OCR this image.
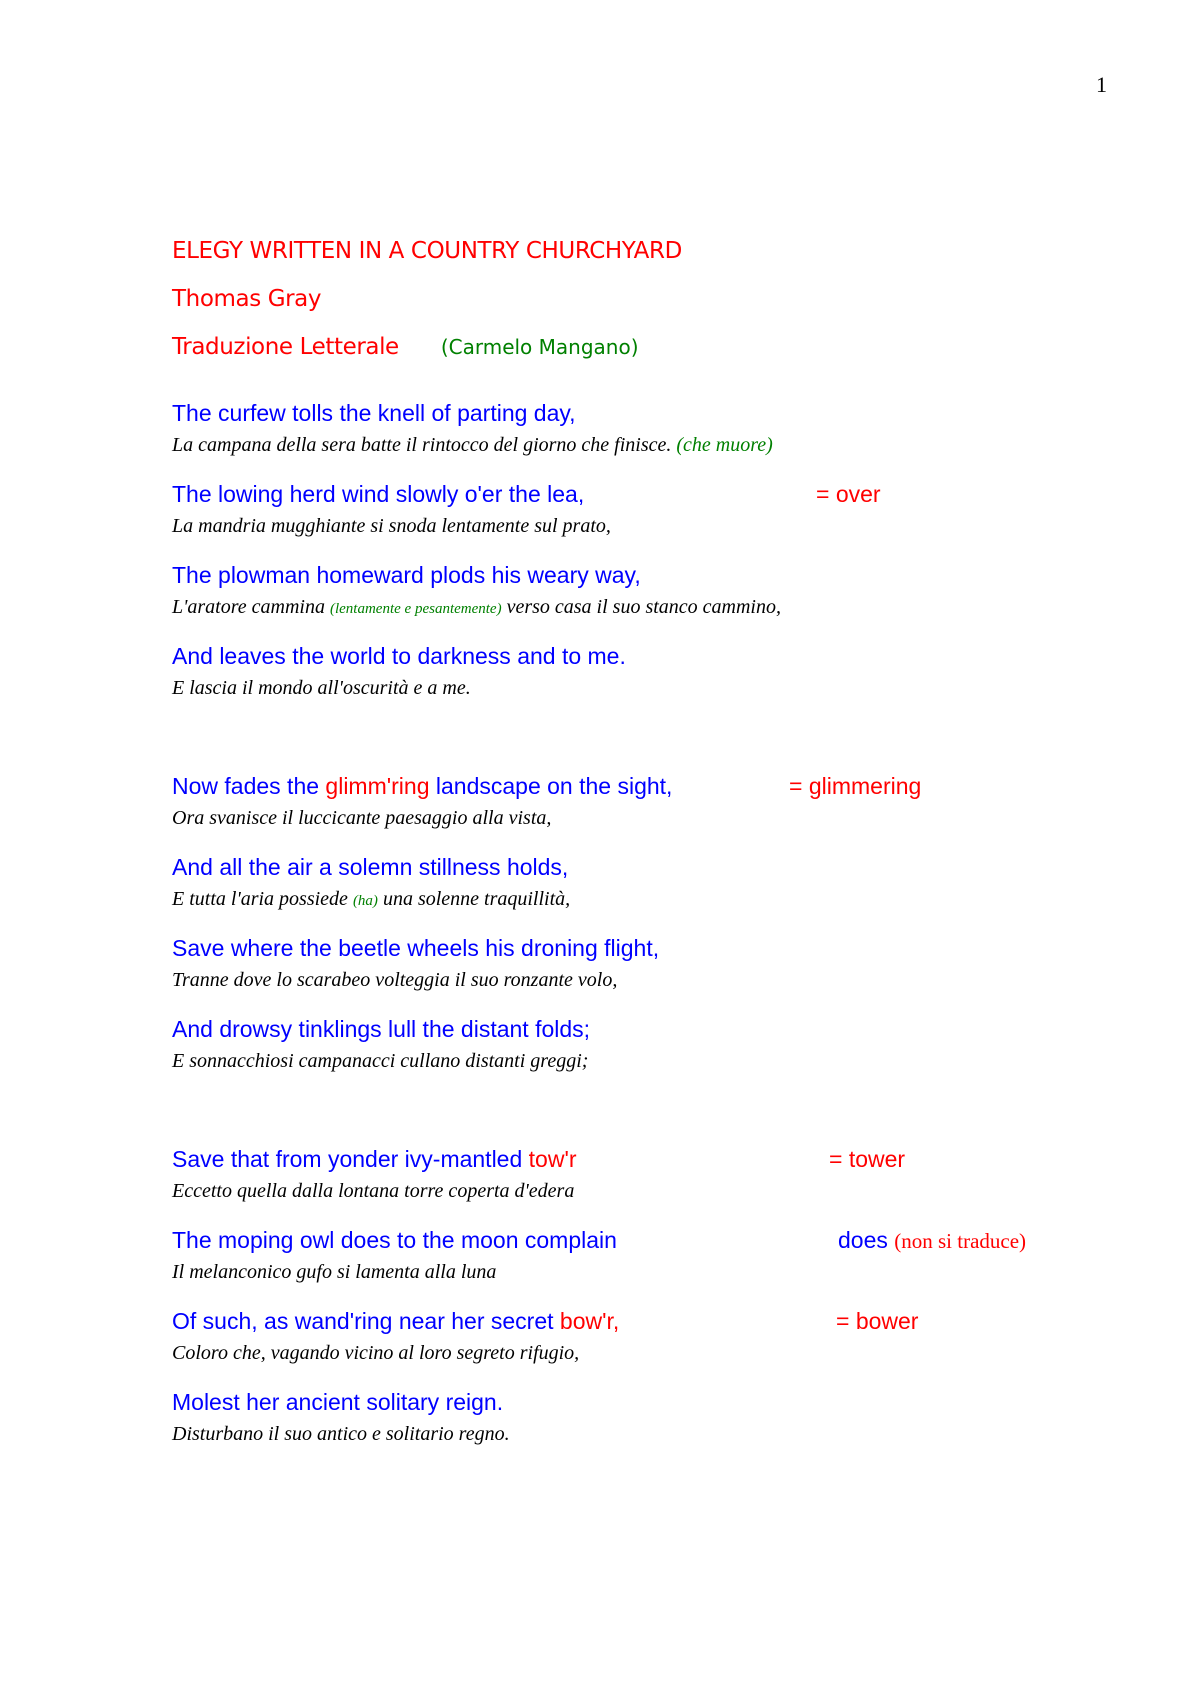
1
ELEGY WRITTEN IN A COUNTRY CHURCHYARD
Thomas Gray
Traduzione Letterale (Carmelo Mangano)
The curfew tolls the knell of parting day,
La campana della sera batte il rintocco del giorno che finisce. (che muore)
The lowing herd wind slowly o'er the lea,	= over
La mandria mugghiante si snoda lentamente sul prato,
The plowman homeward plods his weary way,
L'aratore cammina (lentamente e pesantemente) verso casa il suo stanco cammino,
And leaves the world to darkness and to me.
E lascia il mondo all'oscurità e a me.
Now fades the glimm'ring landscape on the sight,	= glimmering
Ora svanisce il luccicante paesaggio alla vista,
And all the air a solemn stillness holds,
E tutta l'aria possiede (ha) una solenne traquillità,
Save where the beetle wheels his droning flight,
Tranne dove lo scarabeo volteggia il suo ronzante volo,
And drowsy tinklings lull the distant folds;
E sonnacchiosi campanacci cullano distanti greggi;
Save that from yonder ivy-mantled tow'r	= tower
Eccetto quella dalla lontana torre coperta d'edera
The moping owl does to the moon complain	does (non si traduce)
Il melanconico gufo si lamenta alla luna
Of such, as wand'ring near her secret bow'r,	= bower
Coloro che, vagando vicino al loro segreto rifugio,
Molest her ancient solitary reign.
Disturbano il suo antico e solitario regno.
